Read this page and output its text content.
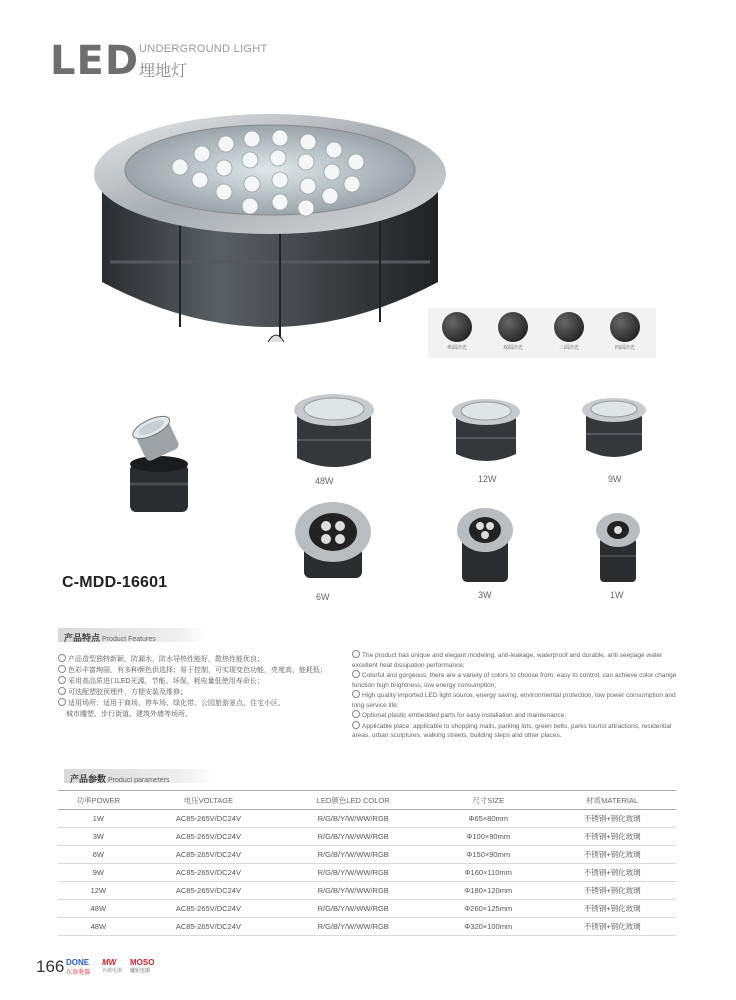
LED UNDERGROUND LIGHT
埋地灯
单面出光	双面出光	三面出光	四面出光
48W	12W	9W
6W	3W	1W
C-MDD-16601
产品特点 Product Features
产品造型独特新颖，防漏水，防水导热性能好，散热性能优良；
色彩丰富绚丽，有多种颜色供选择；易于控制，可实现变色功能，亮度高，能耗低；
采用高品质进口LED光源，节能、环保，耗电量低使用寿命长；
可选配塑胶预埋件，方便安装及维修；
适用场所：适用于商场、停车场、绿化带、公园旅游景点、住宅小区、
城市雕塑、步行街道、建筑外墙等场所。
The product has unique and elegant modeling, anti-leakage, waterproof and durable, anti seepage water excellent heat dissipation performance;
Colorful and gorgeous, there are a variety of colors to choose from; easy to control, can achieve color change function high brightness, low energy consumption;
High quality imported LED light source, energy saving, environmental protection, low power consumption and long service life;
Optional plastic embedded parts for easy installation and maintenance;
Applicable place: applicable to shopping malls, parking lots, green belts, parks tourist attractions, residential areas, urban sculptures, walking streets, building steps and other places.
产品参数 Product parameters
功率POWER	电压VOLTAGE	LED颜色LED COLOR	尺寸SIZE	材质MATERIAL
1W	AC85-265V/DC24V	R/G/B/Y/W/WW/RGB	Φ65×80mm	不锈钢+钢化玻璃
3W	AC85-265V/DC24V	R/G/B/Y/W/WW/RGB	Φ100×90mm	不锈钢+钢化玻璃
6W	AC85-265V/DC24V	R/G/B/Y/W/WW/RGB	Φ150×90mm	不锈钢+钢化玻璃
9W	AC85-265V/DC24V	R/G/B/Y/W/WW/RGB	Φ160×110mm	不锈钢+钢化玻璃
12W	AC85-265V/DC24V	R/G/B/Y/W/WW/RGB	Φ180×120mm	不锈钢+钢化玻璃
48W	AC85-265V/DC24V	R/G/B/Y/W/WW/RGB	Φ260×125mm	不锈钢+钢化玻璃
48W	AC85-265V/DC24V	R/G/B/Y/W/WW/RGB	Φ320×100mm	不锈钢+钢化玻璃
166 DONE
东贵电器
MW
名微电器
MOSO
魔轮电器
